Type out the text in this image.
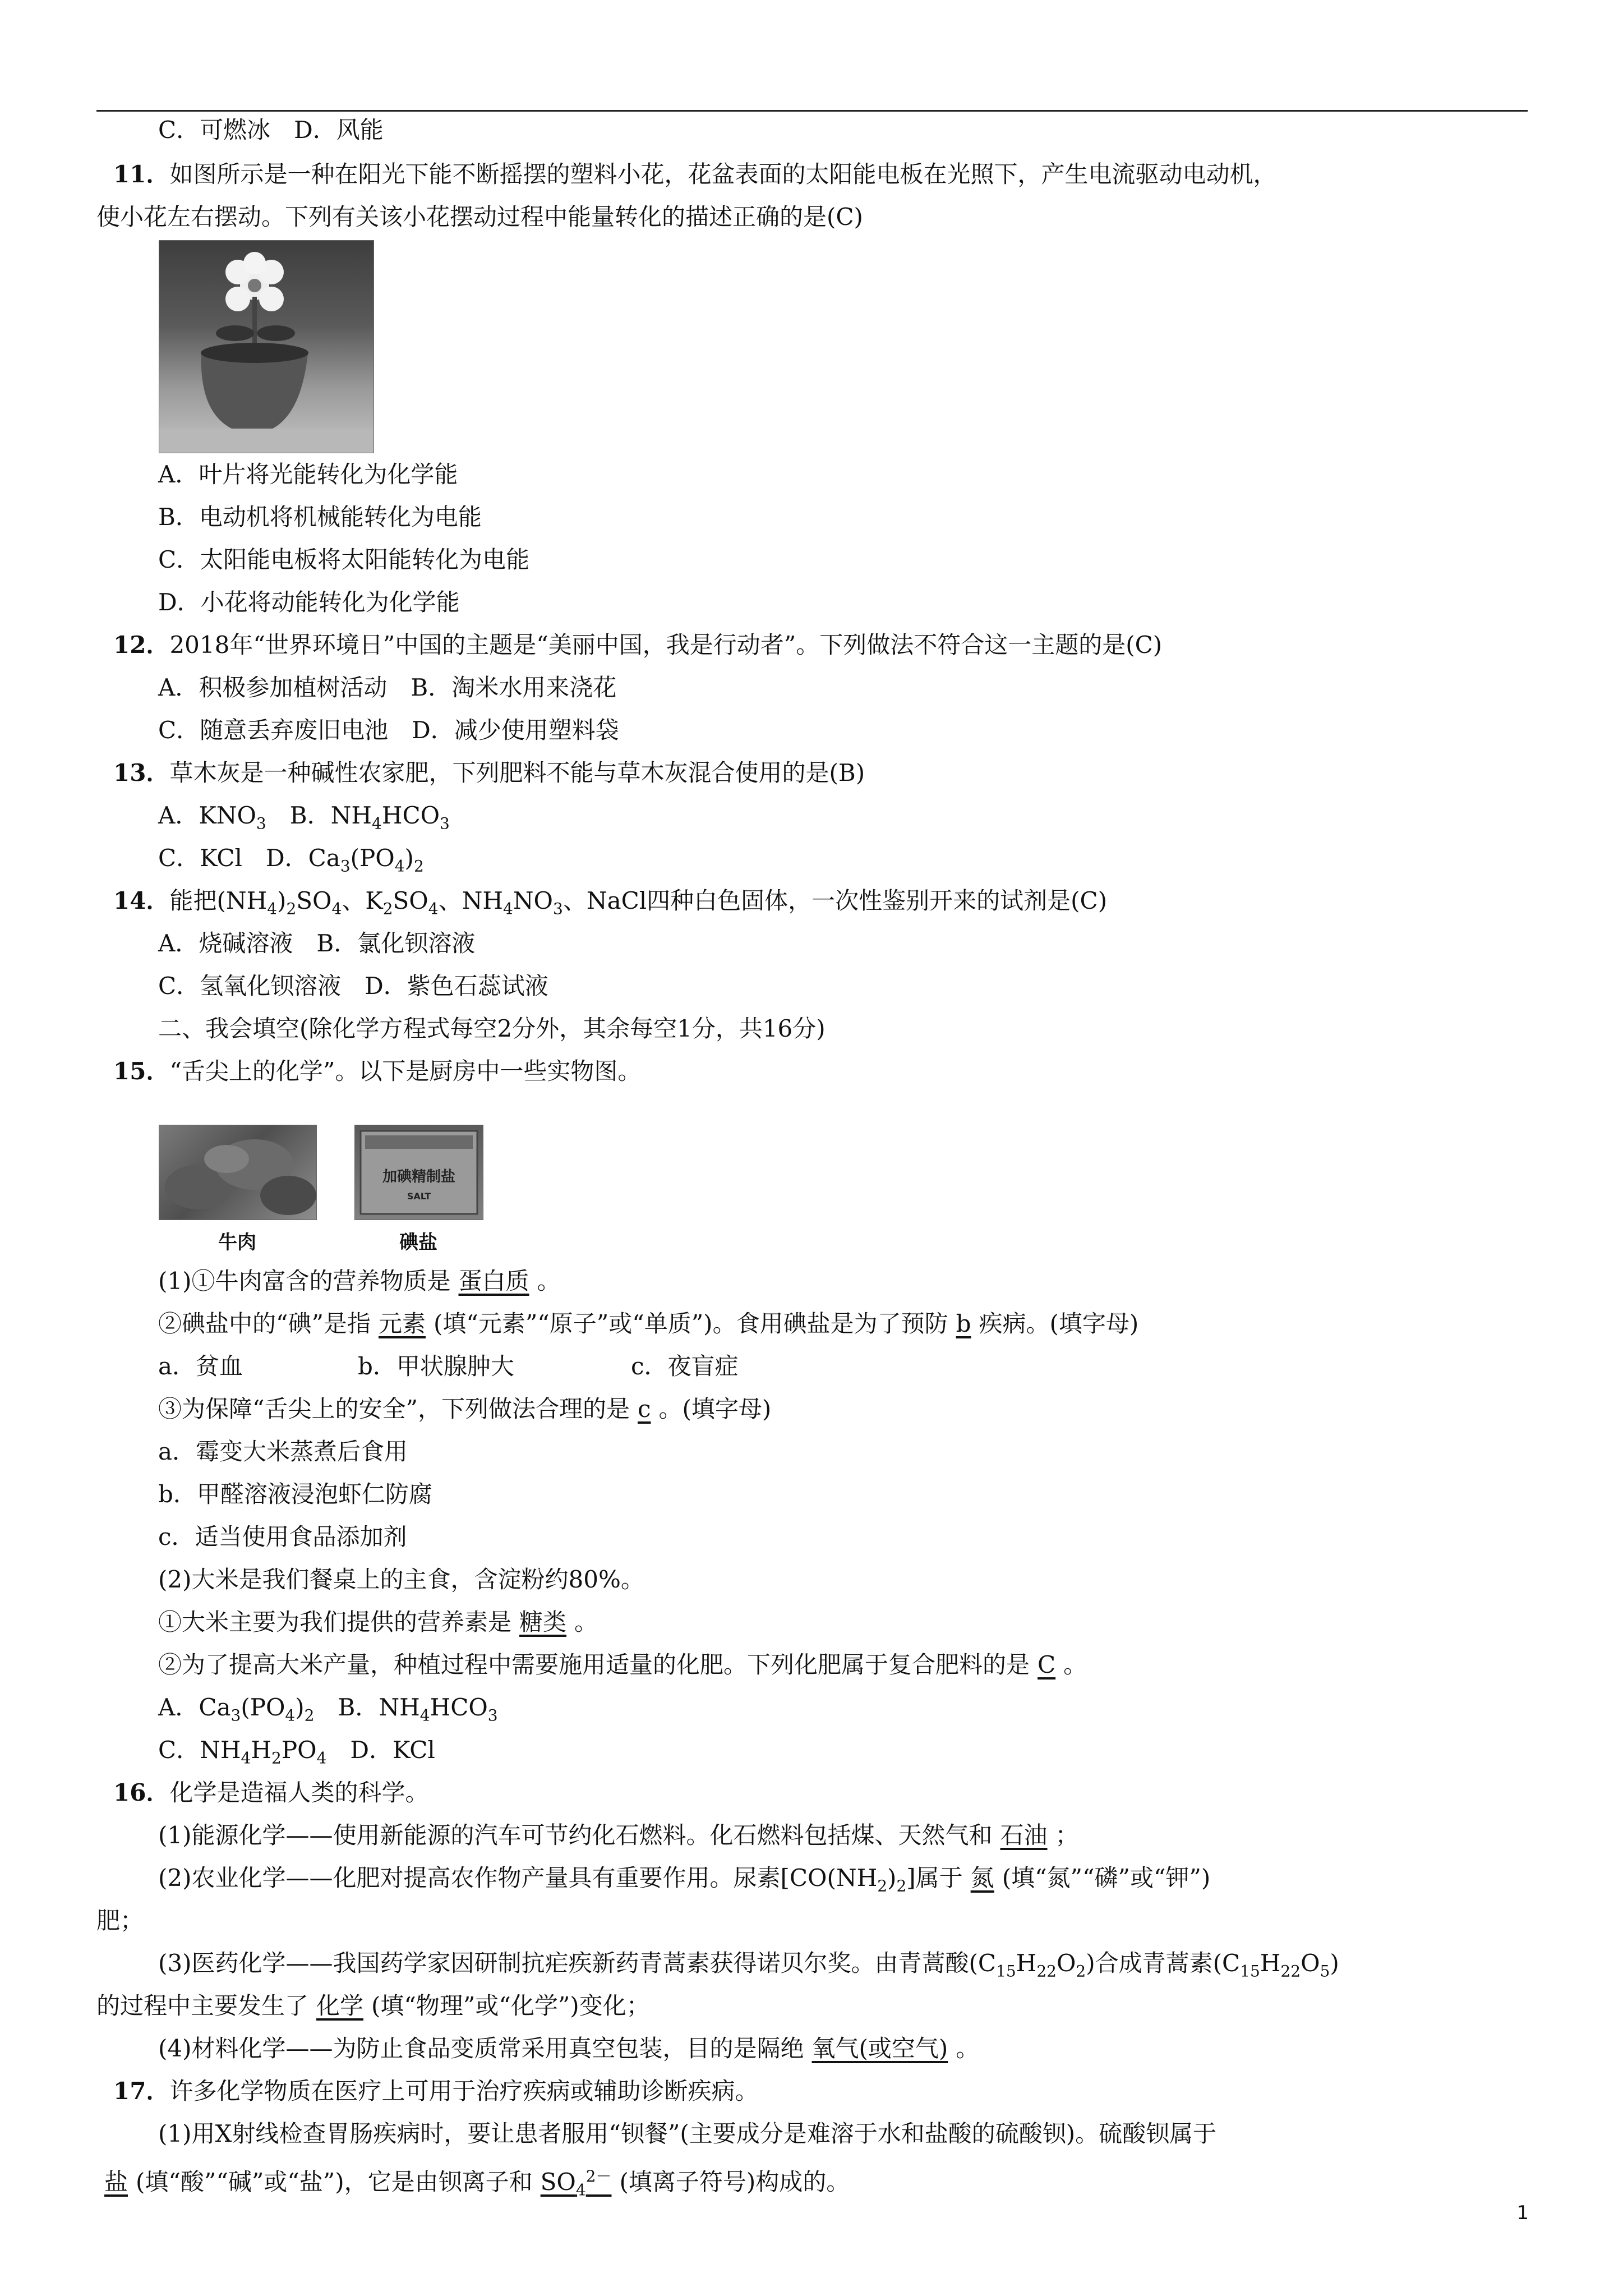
C．可燃冰　D．风能
11．如图所示是一种在阳光下能不断摇摆的塑料小花，花盆表面的太阳能电板在光照下，产生电流驱动电动机，
使小花左右摆动。下列有关该小花摆动过程中能量转化的描述正确的是(C)
A．叶片将光能转化为化学能
B．电动机将机械能转化为电能
C．太阳能电板将太阳能转化为电能
D．小花将动能转化为化学能
12．2018年“世界环境日”中国的主题是“美丽中国，我是行动者”。下列做法不符合这一主题的是(C)
A．积极参加植树活动　B．淘米水用来浇花
C．随意丢弃废旧电池　D．减少使用塑料袋
13．草木灰是一种碱性农家肥，下列肥料不能与草木灰混合使用的是(B)
A．$KNO_3$　 B．$NH_4HCO_3$
C．KCl　D．$Ca_3(PO_4)_2$
14．能把$(NH_4)_2SO_4$、$K_2SO_4$、$NH_4NO_3$、NaCl四种白色固体，一次性鉴别开来的试剂是(C)
A．烧碱溶液　B．氯化钡溶液
C．氢氧化钡溶液　D．紫色石蕊试液
二、我会填空(除化学方程式每空2分外，其余每空1分，共16分)
15．“舌尖上的化学”。以下是厨房中一些实物图。
加碘精制盐
SALT
牛肉	碘盐
(1)①牛肉富含的营养物质是 蛋白质 。
②碘盐中的“碘”是指 元素 (填“元素”“原子”或“单质”)。食用碘盐是为了预防 b 疾病。(填字母)
a．贫血	b．甲状腺肿大	c．夜盲症
③为保障“舌尖上的安全”，下列做法合理的是 c 。(填字母)
a．霉变大米蒸煮后食用
b．甲醛溶液浸泡虾仁防腐
c．适当使用食品添加剂
(2)大米是我们餐桌上的主食，含淀粉约80%。
①大米主要为我们提供的营养素是 糖类 。
②为了提高大米产量，种植过程中需要施用适量的化肥。下列化肥属于复合肥料的是 C 。
A．$Ca_3(PO_4)_2$　 B．$NH_4HCO_3$
C．$NH_4H_2PO_4$　 D．KCl
16．化学是造福人类的科学。
(1)能源化学——使用新能源的汽车可节约化石燃料。化石燃料包括煤、天然气和 石油 ；
(2)农业化学——化肥对提高农作物产量具有重要作用。尿素$[CO(NH_2)_2]$属于 氮 (填“氮”“磷”或“钾”)
肥；
(3)医药化学——我国药学家因研制抗疟疾新药青蒿素获得诺贝尔奖。由青蒿酸$(C_{15}H_{22}O_2)$合成青蒿素$(C_{15}H_{22}O_5)$
的过程中主要发生了 化学 (填“物理”或“化学”)变化；
(4)材料化学——为防止食品变质常采用真空包装，目的是隔绝 氧气(或空气) 。
17．许多化学物质在医疗上可用于治疗疾病或辅助诊断疾病。
(1)用X射线检查胃肠疾病时，要让患者服用“钡餐”(主要成分是难溶于水和盐酸的硫酸钡)。硫酸钡属于
盐 (填“酸”“碱”或“盐”)，它是由钡离子和 $SO_4^{2-}$ (填离子符号)构成的。
1
